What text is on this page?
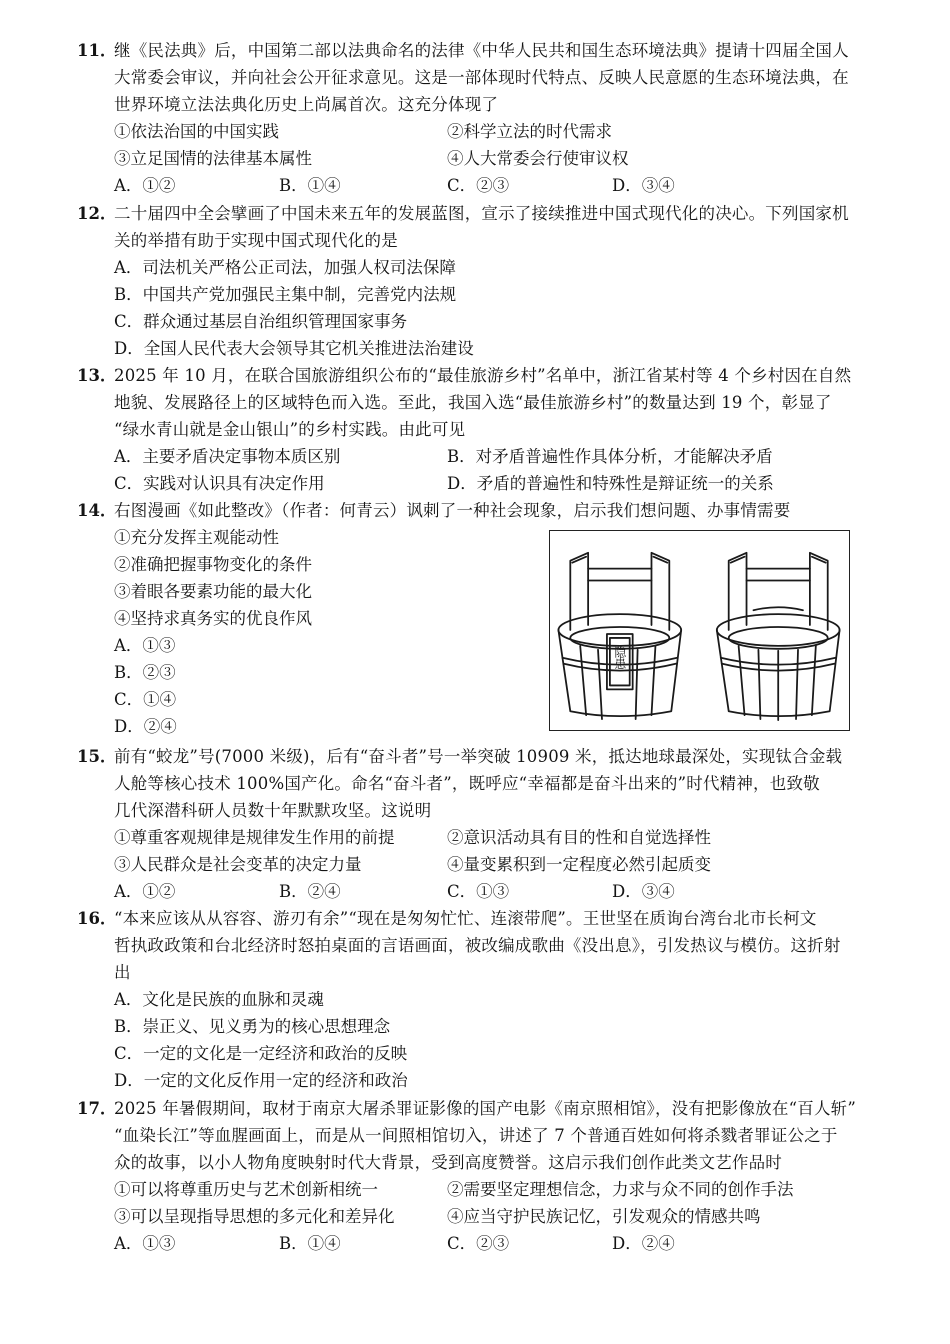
11．
继《民法典》后，中国第二部以法典命名的法律《中华人民共和国生态环境法典》提请十四届全国人
大常委会审议，并向社会公开征求意见。这是一部体现时代特点、反映人民意愿的生态环境法典，在
世界环境立法法典化历史上尚属首次。这充分体现了
①依法治国的中国实践	②科学立法的时代需求
③立足国情的法律基本属性	④人大常委会行使审议权
A．①②	B．①④	C．②③	D．③④
12．
二十届四中全会擘画了中国未来五年的发展蓝图，宣示了接续推进中国式现代化的决心。下列国家机
关的举措有助于实现中国式现代化的是
A．司法机关严格公正司法，加强人权司法保障
B．中国共产党加强民主集中制，完善党内法规
C．群众通过基层自治组织管理国家事务
D．全国人民代表大会领导其它机关推进法治建设
13．
2025 年 10 月，在联合国旅游组织公布的“最佳旅游乡村”名单中，浙江省某村等 4 个乡村因在自然
地貌、发展路径上的区域特色而入选。至此，我国入选“最佳旅游乡村”的数量达到 19 个，彰显了
“绿水青山就是金山银山”的乡村实践。由此可见
A．主要矛盾决定事物本质区别	B．对矛盾普遍性作具体分析，才能解决矛盾
C．实践对认识具有决定作用	D．矛盾的普遍性和特殊性是辩证统一的关系
14．
右图漫画《如此整改》（作者：何青云）讽刺了一种社会现象，启示我们想问题、办事情需要
①充分发挥主观能动性
②准确把握事物变化的条件
③着眼各要素功能的最大化
④坚持求真务实的优良作风
A．①③
B．②③
C．①④
D．②④
隐患
15．
前有“蛟龙”号(7000 米级)，后有“奋斗者”号一举突破 10909 米，抵达地球最深处，实现钛合金载
人舱等核心技术 100%国产化。命名“奋斗者”，既呼应“幸福都是奋斗出来的”时代精神，也致敬
几代深潜科研人员数十年默默攻坚。这说明
①尊重客观规律是规律发生作用的前提	②意识活动具有目的性和自觉选择性
③人民群众是社会变革的决定力量	④量变累积到一定程度必然引起质变
A．①②	B．②④	C．①③	D．③④
16．
“本来应该从从容容、游刃有余”“现在是匆匆忙忙、连滚带爬”。王世坚在质询台湾台北市长柯文
哲执政政策和台北经济时怒拍桌面的言语画面，被改编成歌曲《没出息》，引发热议与模仿。这折射
出
A．文化是民族的血脉和灵魂
B．崇正义、见义勇为的核心思想理念
C．一定的文化是一定经济和政治的反映
D．一定的文化反作用一定的经济和政治
17．
2025 年暑假期间，取材于南京大屠杀罪证影像的国产电影《南京照相馆》，没有把影像放在“百人斩”
“血染长江”等血腥画面上，而是从一间照相馆切入，讲述了 7 个普通百姓如何将杀戮者罪证公之于
众的故事，以小人物角度映射时代大背景，受到高度赞誉。这启示我们创作此类文艺作品时
①可以将尊重历史与艺术创新相统一	②需要坚定理想信念，力求与众不同的创作手法
③可以呈现指导思想的多元化和差异化	④应当守护民族记忆，引发观众的情感共鸣
A．①③	B．①④	C．②③	D．②④
